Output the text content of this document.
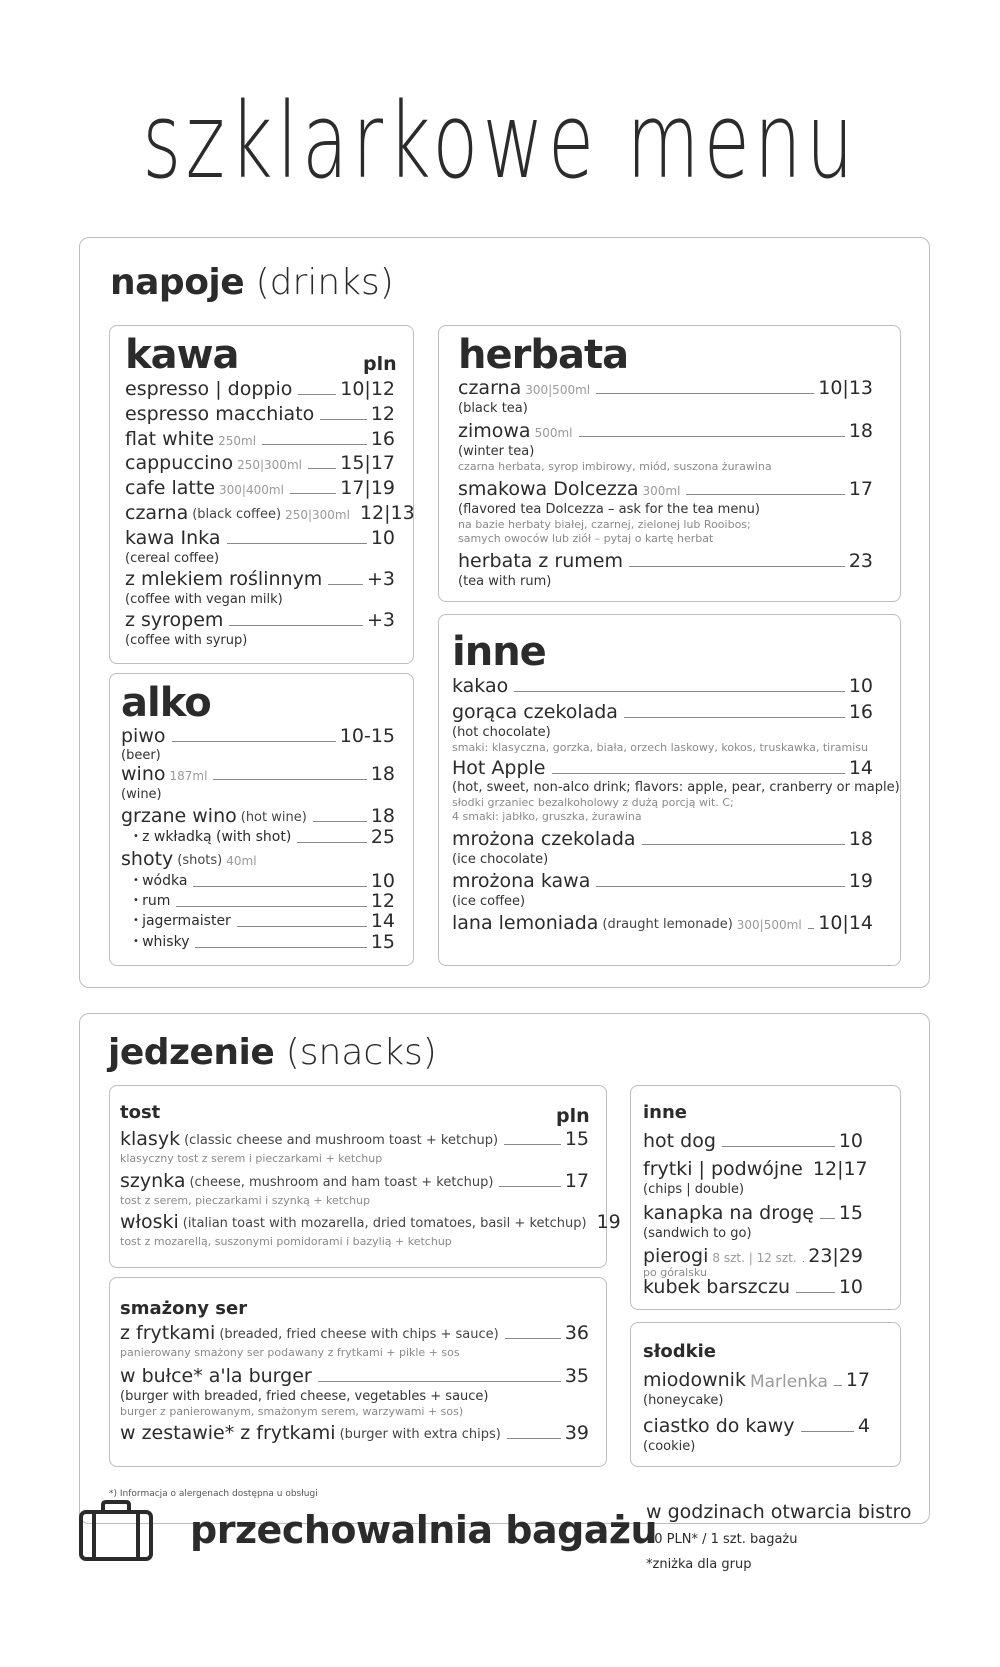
szklarkowe menu
napoje (drinks)
kawa	pln
espresso | doppio	10|12
espresso macchiato	12
flat white 250ml	16
cappuccino 250|300ml 15|17
cafe latte 300|400ml	17|19
czarna (black coffee) 250|300ml 12|13
kawa Inka	10
(cereal coffee)
z mlekiem roślinnym +3
(coffee with vegan milk)
z syropem	+3
(coffee with syrup)
alko
piwo	10-15
(beer)
wino 187ml	18
(wine)
grzane wino (hot wine)	18
• z wkładką (with shot)	25
shoty (shots) 40ml
• wódka	10
• rum	12
• jagermaister	14
• whisky	15
herbata
czarna 300|500ml	10|13
(black tea)
zimowa 500ml	18
(winter tea)
czarna herbata, syrop imbirowy, miód, suszona żurawina
smakowa Dolcezza 300ml	17
(flavored tea Dolcezza – ask for the tea menu)
na bazie herbaty białej, czarnej, zielonej lub Rooibos;
samych owoców lub ziół – pytaj o kartę herbat
herbata z rumem	23
(tea with rum)
inne
kakao	10
gorąca czekolada	16
(hot chocolate)
smaki: klasyczna, gorzka, biała, orzech laskowy, kokos, truskawka, tiramisu
Hot Apple	14
(hot, sweet, non-alco drink; flavors: apple, pear, cranberry or maple)
słodki grzaniec bezalkoholowy z dużą porcją wit. C;
4 smaki: jabłko, gruszka, żurawina
mrożona czekolada	18
(ice chocolate)
mrożona kawa	19
(ice coffee)
lana lemoniada (draught lemonade) 300|500ml 10|14
jedzenie (snacks)
tost	pln
klasyk (classic cheese and mushroom toast + ketchup)	15
klasyczny tost z serem i pieczarkami + ketchup
szynka (cheese, mushroom and ham toast + ketchup)	17
tost z serem, pieczarkami i szynką + ketchup
włoski (italian toast with mozarella, dried tomatoes, basil + ketchup) 19
tost z mozarellą, suszonymi pomidorami i bazylią + ketchup
smażony ser
z frytkami (breaded, fried cheese with chips + sauce)	36
panierowany smażony ser podawany z frytkami + pikle + sos
w bułce* a'la burger	35
(burger with breaded, fried cheese, vegetables + sauce)
burger z panierowanym, smażonym serem, warzywami + sos)
w zestawie* z frytkami (burger with extra chips)	39
*) Informacja o alergenach dostępna u obsługi
inne
hot dog	10
frytki | podwójne 12|17
(chips | double)
kanapka na drogę 15
(sandwich to go)
pierogi 8 szt. | 12 szt. 23|29
po góralsku
kubek barszczu	10
słodkie
miodownik Marlenka 17
(honeycake)
ciastko do kawy	4
(cookie)
przechowalnia bagażu
w godzinach otwarcia bistro
10 PLN* / 1 szt. bagażu
*zniżka dla grup
